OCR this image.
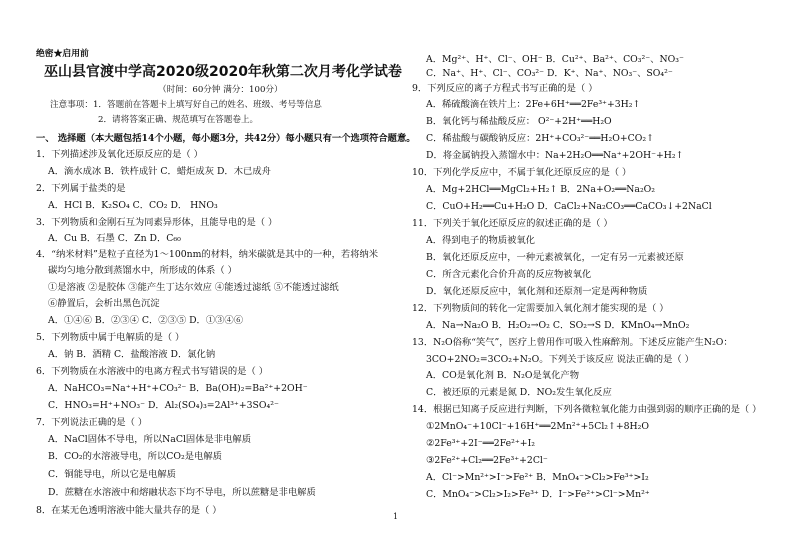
绝密★启用前
巫山县官渡中学高2020级2020年秋第二次月考化学试卷
（时间：60分钟 满分：100分）
注意事项：1．答题前在答题卡上填写好自己的姓名、班级、考号等信息
2．请将答案正确、规范填写在答题卷上。
一、 选择题（本大题包括14个小题，每小题3分，共42分）每小题只有一个选项符合题意。
1．下列描述涉及氧化还原反应的是（ ）
A．滴水成冰 B．铁杵成针 C．蜡炬成灰 D．木已成舟
2．下列属于盐类的是
A．HCl B．K₂SO₄ C．CO₂ D． HNO₃
3．下列物质和金刚石互为同素异形体，且能导电的是（ ）
A．Cu B．石墨 C．Zn D．C₆₀
4．“纳米材料”是粒子直径为1～100nm的材料，纳米碳就是其中的一种，若将纳米
碳均匀地分散到蒸馏水中，所形成的体系（ ）
①是溶液 ②是胶体 ③能产生丁达尔效应 ④能透过滤纸 ⑤不能透过滤纸
⑥静置后，会析出黑色沉淀
A．①④⑥ B．②③④ C．②③⑤ D．①③④⑥
5．下列物质中属于电解质的是（ ）
A．钠 B．酒精 C．盐酸溶液 D．氯化钠
6．下列物质在水溶液中的电离方程式书写错误的是（ ）
A．NaHCO₃=Na⁺+H⁺+CO₃²⁻ B．Ba(OH)₂=Ba²⁺+2OH⁻
C．HNO₃=H⁺+NO₃⁻ D．Al₂(SO₄)₃=2Al³⁺+3SO₄²⁻
7．下列说法正确的是（ ）
A．NaCl固体不导电，所以NaCl固体是非电解质
B．CO₂的水溶液导电，所以CO₂是电解质
C．铜能导电，所以它是电解质
D．蔗糖在水溶液中和熔融状态下均不导电，所以蔗糖是非电解质
8．在某无色透明溶液中能大量共存的是（ ）
A．Mg²⁺、H⁺、Cl⁻、OH⁻ B．Cu²⁺、Ba²⁺、CO₃²⁻、NO₃⁻
C．Na⁺、H⁺、Cl⁻、CO₃²⁻ D．K⁺、Na⁺、NO₃⁻、SO₄²⁻
9．下列反应的离子方程式书写正确的是（ ）
A．稀硫酸滴在铁片上：2Fe+6H⁺══2Fe³⁺+3H₂↑
B．氧化钙与稀盐酸反应： O²⁻+2H⁺══H₂O
C．稀盐酸与碳酸钠反应：2H⁺+CO₃²⁻══H₂O+CO₂↑
D．将金属钠投入蒸馏水中：Na+2H₂O══Na⁺+2OH⁻+H₂↑
10．下列化学反应中，不属于氧化还原反应的是（ ）
A．Mg+2HCl══MgCl₂+H₂↑ B．2Na+O₂══Na₂O₂
C．CuO+H₂══Cu+H₂O D．CaCl₂+Na₂CO₃══CaCO₃↓+2NaCl
11．下列关于氧化还原反应的叙述正确的是（ ）
A．得到电子的物质被氧化
B．氧化还原反应中，一种元素被氧化，一定有另一元素被还原
C．所含元素化合价升高的反应物被氧化
D．氧化还原反应中，氧化剂和还原剂一定是两种物质
12．下列物质间的转化一定需要加入氧化剂才能实现的是（ ）
A．Na→Na₂O B．H₂O₂→O₂ C．SO₂→S D．KMnO₄→MnO₂
13．N₂O俗称“笑气”，医疗上曾用作可吸入性麻醉剂。下述反应能产生N₂O：
3CO+2NO₂=3CO₂+N₂O。下列关于该反应 说法正确的是（ ）
A．CO是氧化剂 B．N₂O是氧化产物
C．被还原的元素是氮 D．NO₂发生氧化反应
14．根据已知离子反应进行判断，下列各微粒氧化能力由强到弱的顺序正确的是（ ）
①2MnO₄⁻+10Cl⁻+16H⁺══2Mn²⁺+5Cl₂↑+8H₂O
②2Fe³⁺+2I⁻══2Fe²⁺+I₂
③2Fe²⁺+Cl₂══2Fe³⁺+2Cl⁻
A．Cl⁻>Mn²⁺>I⁻>Fe²⁺ B．MnO₄⁻>Cl₂>Fe³⁺>I₂
C．MnO₄⁻>Cl₂>I₂>Fe³⁺ D．I⁻>Fe²⁺>Cl⁻>Mn²⁺
1
